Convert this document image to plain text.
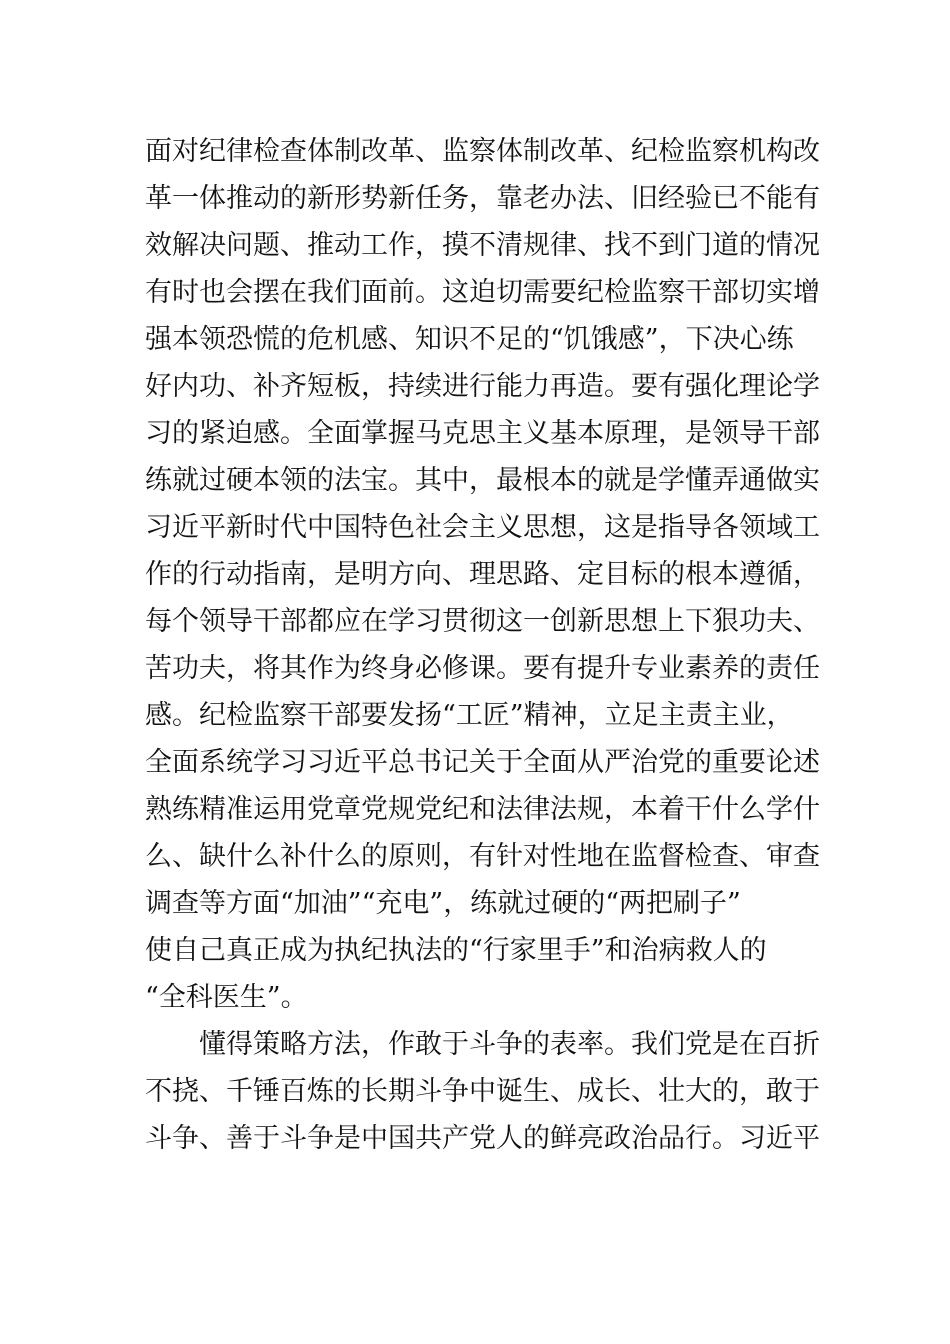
面对纪律检查体制改革、监察体制改革、纪检监察机构改
革一体推动的新形势新任务，靠老办法、旧经验已不能有
效解决问题、推动工作，摸不清规律、找不到门道的情况
有时也会摆在我们面前。这迫切需要纪检监察干部切实增
强本领恐慌的危机感、知识不足的“饥饿感”，下决心练
好内功、补齐短板，持续进行能力再造。要有强化理论学
习的紧迫感。全面掌握马克思主义基本原理，是领导干部
练就过硬本领的法宝。其中，最根本的就是学懂弄通做实
习近平新时代中国特色社会主义思想，这是指导各领域工
作的行动指南，是明方向、理思路、定目标的根本遵循，
每个领导干部都应在学习贯彻这一创新思想上下狠功夫、
苦功夫，将其作为终身必修课。要有提升专业素养的责任
感。纪检监察干部要发扬“工匠”精神，立足主责主业，
全面系统学习习近平总书记关于全面从严治党的重要论述
熟练精准运用党章党规党纪和法律法规，本着干什么学什
么、缺什么补什么的原则，有针对性地在监督检查、审查
调查等方面“加油”“充电”，练就过硬的“两把刷子”
使自己真正成为执纪执法的“行家里手”和治病救人的
“全科医生”。
懂得策略方法，作敢于斗争的表率。我们党是在百折
不挠、千锤百炼的长期斗争中诞生、成长、壮大的，敢于
斗争、善于斗争是中国共产党人的鲜亮政治品行。习近平
